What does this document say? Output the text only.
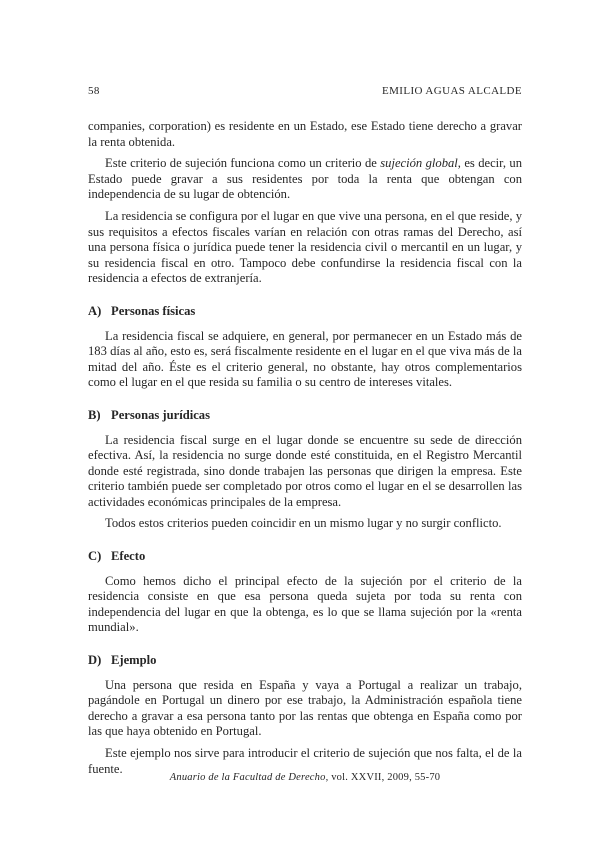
58	EMILIO AGUAS ALCALDE

companies, corporation) es residente en un Estado, ese Estado tiene derecho a gravar la renta obtenida.

Este criterio de sujeción funciona como un criterio de sujeción global, es decir, un Estado puede gravar a sus residentes por toda la renta que obtengan con independencia de su lugar de obtención.

La residencia se configura por el lugar en que vive una persona, en el que reside, y sus requisitos a efectos fiscales varían en relación con otras ramas del Derecho, así una persona física o jurídica puede tener la residencia civil o mercantil en un lugar, y su residencia fiscal en otro. Tampoco debe confundirse la residencia fiscal con la residencia a efectos de extranjería.

A) Personas físicas

La residencia fiscal se adquiere, en general, por permanecer en un Estado más de 183 días al año, esto es, será fiscalmente residente en el lugar en el que viva más de la mitad del año. Éste es el criterio general, no obstante, hay otros complementarios como el lugar en el que resida su familia o su centro de intereses vitales.

B) Personas jurídicas

La residencia fiscal surge en el lugar donde se encuentre su sede de dirección efectiva. Así, la residencia no surge donde esté constituida, en el Registro Mercantil donde esté registrada, sino donde trabajen las personas que dirigen la empresa. Este criterio también puede ser completado por otros como el lugar en el se desarrollen las actividades económicas principales de la empresa.

Todos estos criterios pueden coincidir en un mismo lugar y no surgir conflicto.

C) Efecto

Como hemos dicho el principal efecto de la sujeción por el criterio de la residencia consiste en que esa persona queda sujeta por toda su renta con independencia del lugar en que la obtenga, es lo que se llama sujeción por la «renta mundial».

D) Ejemplo

Una persona que resida en España y vaya a Portugal a realizar un trabajo, pagándole en Portugal un dinero por ese trabajo, la Administración española tiene derecho a gravar a esa persona tanto por las rentas que obtenga en España como por las que haya obtenido en Portugal.

Este ejemplo nos sirve para introducir el criterio de sujeción que nos falta, el de la fuente.

Anuario de la Facultad de Derecho, vol. XXVII, 2009, 55-70
